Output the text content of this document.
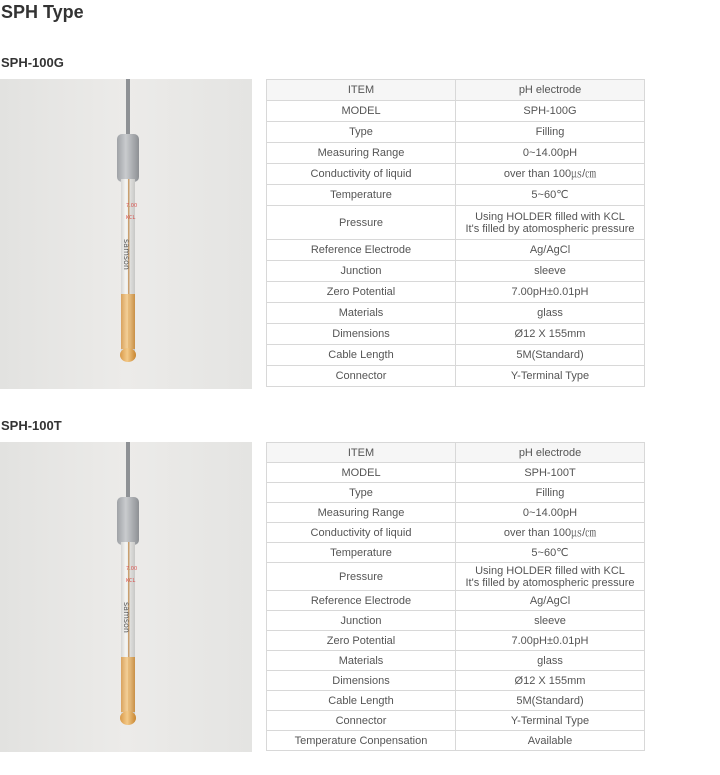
SPH Type
SPH-100G
7.00
KCL
samson
ITEM	pH electrode
MODEL	SPH-100G
Type	Filling
Measuring Range	0~14.00pH
Conductivity of liquid	over than 100㎲/㎝
Temperature	5~60℃
Pressure	Using HOLDER filled with KCL
It's filled by atomospheric pressure

Reference Electrode	Ag/AgCl
Junction	sleeve
Zero Potential	7.00pH±0.01pH
Materials	glass
Dimensions	Ø12 X 155mm
Cable Length	5M(Standard)
Connector	Y-Terminal Type
SPH-100T
7.00
KCL
samson
ITEM	pH electrode
MODEL	SPH-100T
Type	Filling
Measuring Range	0~14.00pH
Conductivity of liquid	over than 100㎲/㎝
Temperature	5~60℃
Pressure	Using HOLDER filled with KCL
It's filled by atomospheric pressure

Reference Electrode	Ag/AgCl
Junction	sleeve
Zero Potential	7.00pH±0.01pH
Materials	glass
Dimensions	Ø12 X 155mm
Cable Length	5M(Standard)
Connector	Y-Terminal Type
Temperature Conpensation	Available
